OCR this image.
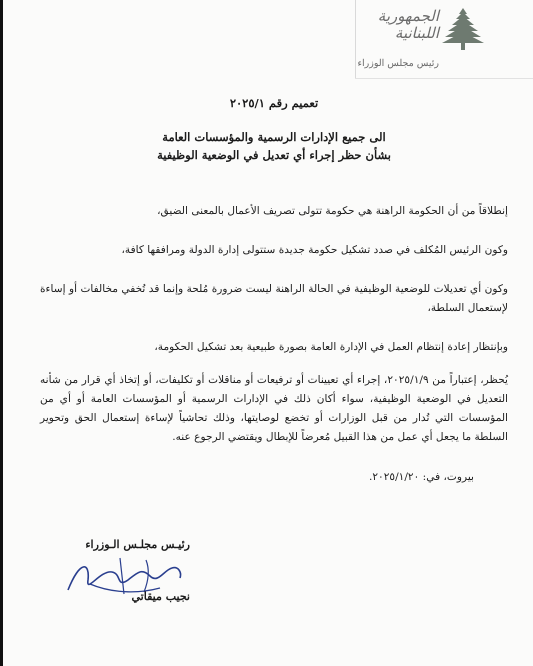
الجمهورية
اللبنانية
رئيس مجلس الوزراء
تعميم رقم ٢٠٢٥/١
الى جميع الإدارات الرسمية والمؤسسات العامة
بشأن حظر إجراء أي تعديل في الوضعية الوظيفية

إنطلاقاً من أن الحكومة الراهنة هي حكومة تتولى تصريف الأعمال بالمعنى الضيق،

وكون الرئيس المُكلف في صدد تشكيل حكومة جديدة ستتولى إدارة الدولة ومرافقها كافة،

وكون أي تعديلات للوضعية الوظيفية في الحالة الراهنة ليست ضرورة مُلحة وإنما قد تُخفي مخالفات أو إساءة لإستعمال السلطة،

وبإنتظار إعادة إنتظام العمل في الإدارة العامة بصورة طبيعية بعد تشكيل الحكومة،

يُحظر، إعتباراً من ٢٠٢٥/١/٩، إجراء أي تعيينات أو ترفيعات أو مناقلات أو تكليفات، أو إتخاذ أي قرار من شأنه التعديل في الوضعية الوظيفية، سواء أكان ذلك في الإدارات الرسمية أو المؤسسات العامة أو أي من المؤسسات التي تُدار من قبل الوزارات أو تخضع لوصايتها، وذلك تحاشياً لإساءة إستعمال الحق وتحوير السلطة ما يجعل أي عمل من هذا القبيل مُعرضاً للإبطال ويقتضي الرجوع عنه.

بيروت، في: ٢٠٢٥/١/٢٠.
رئيـس مجلـس الـوزراء
نجيب ميقاتي
